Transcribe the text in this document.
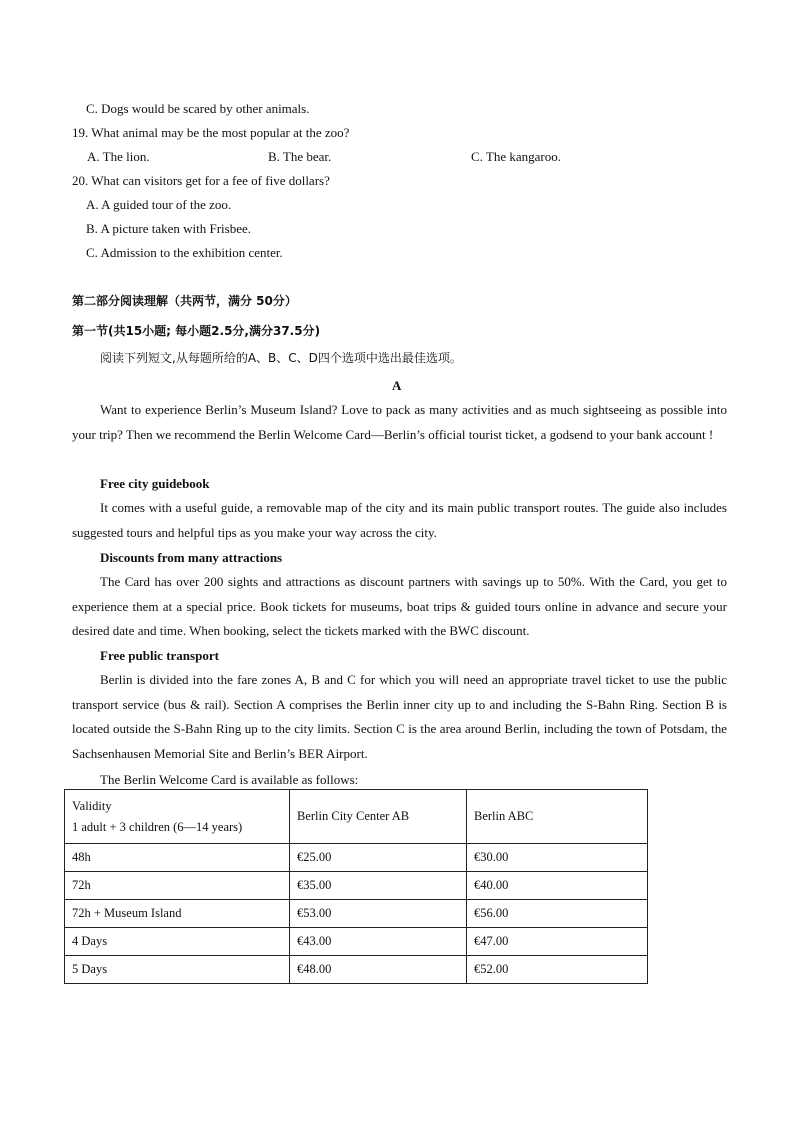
C. Dogs would be scared by other animals.
19. What animal may be the most popular at the zoo?
A. The lion.	B. The bear.	C. The kangaroo.
20. What can visitors get for a fee of five dollars?
A. A guided tour of the zoo.
B. A picture taken with Frisbee.
C. Admission to the exhibition center.
第二部分阅读理解（共两节，满分 50分）
第一节(共15小题; 每小题2.5分,满分37.5分)
阅读下列短文,从每题所给的A、B、C、D四个选项中选出最佳选项。
A

Want to experience Berlin’s Museum Island? Love to pack as many activities and as much sightseeing as possible into your trip? Then we recommend the Berlin Welcome Card—Berlin’s official tourist ticket, a godsend to your bank account !

Free city guidebook

It comes with a useful guide, a removable map of the city and its main public transport routes. The guide also includes suggested tours and helpful tips as you make your way across the city.

Discounts from many attractions

The Card has over 200 sights and attractions as discount partners with savings up to 50%. With the Card, you get to experience them at a special price. Book tickets for museums, boat trips & guided tours online in advance and secure your desired date and time. When booking, select the tickets marked with the BWC discount.

Free public transport

Berlin is divided into the fare zones A, B and C for which you will need an appropriate travel ticket to use the public transport service (bus & rail). Section A comprises the Berlin inner city up to and including the S-Bahn Ring. Section B is located outside the S-Bahn Ring up to the city limits. Section C is the area around Berlin, including the town of Potsdam, the Sachsenhausen Memorial Site and Berlin’s BER Airport.

The Berlin Welcome Card is available as follows:
Validity
1 adult + 3 children (6—14 years)	Berlin City Center AB	Berlin ABC
48h	€25.00	€30.00
72h	€35.00	€40.00
72h + Museum Island	€53.00	€56.00
4 Days	€43.00	€47.00
5 Days	€48.00	€52.00
